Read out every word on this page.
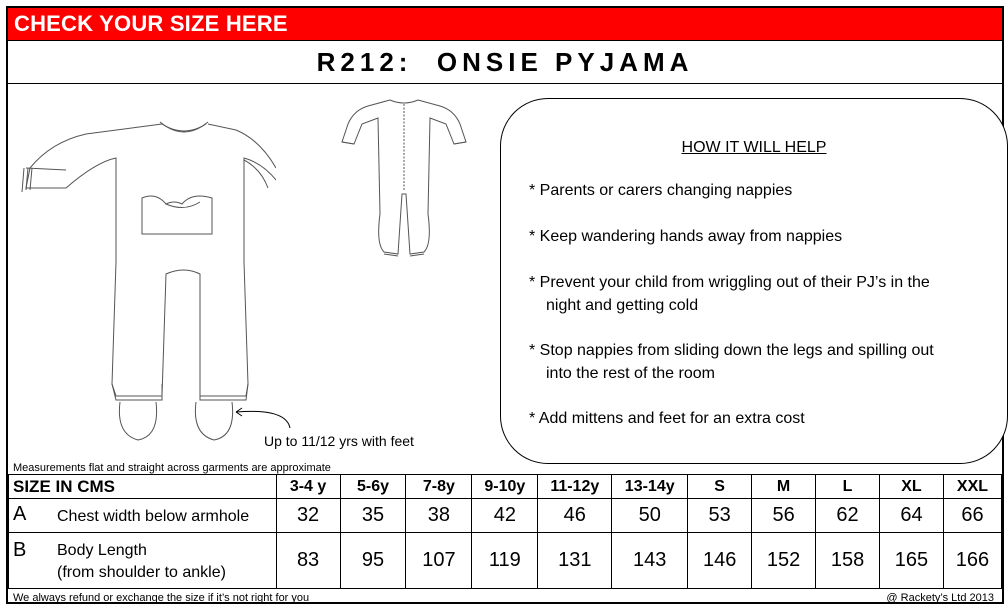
CHECK YOUR SIZE HERE
R212:  ONSIE PYJAMA
Up to 11/12 yrs with feet
HOW IT WILL HELP
* Parents or carers changing nappies
* Keep wandering hands away from nappies
* Prevent your child from wriggling out of their PJ’s in the
night and getting cold
* Stop nappies from sliding down the legs and spilling out
into the rest of the room
* Add mittens and feet for an extra cost
Measurements flat and straight across garments are approximate
SIZE IN CMS	3-4 y	5-6y	7-8y	9-10y	11-12y	13-14y	S	M	L	XL	XXL

A Chest width below armhole	32	35	38	42	46	50	53	56	62	64	66

B Body Length
(from shoulder to ankle)	83	95	107	119	131	143	146	152	158	165	166
We always refund or exchange the size if it’s not right for you	@ Rackety’s Ltd 2013
